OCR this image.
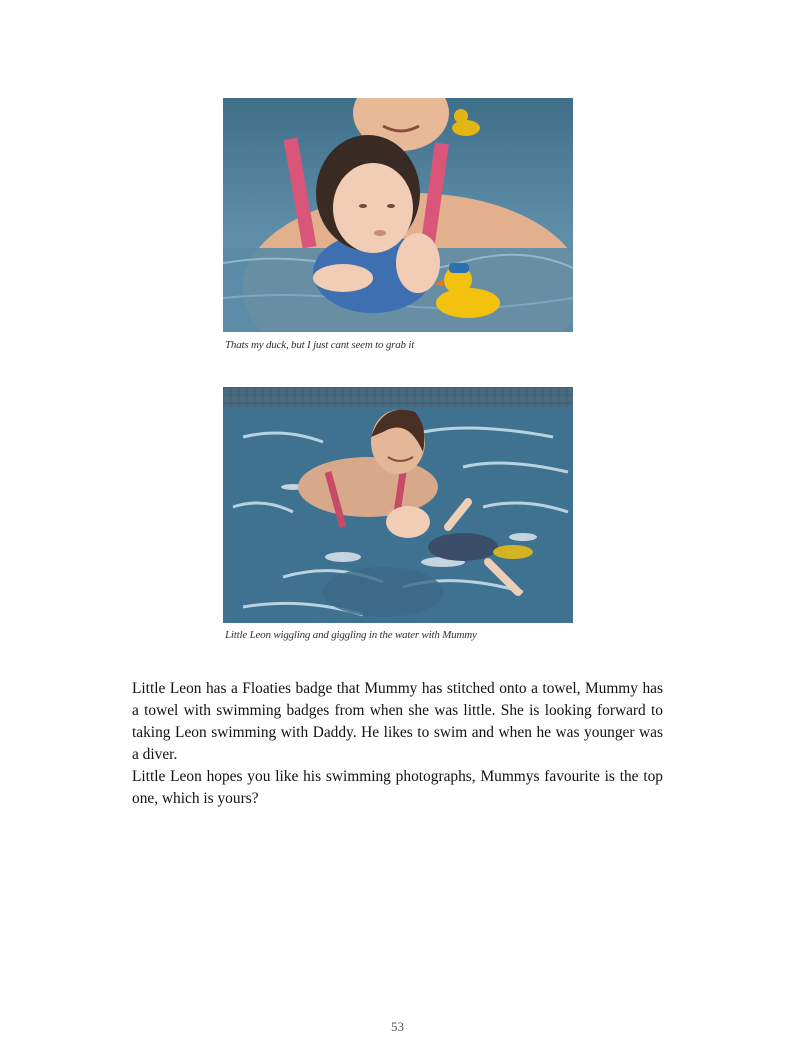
Thats my duck, but I just cant seem to grab it
Little Leon wiggling and giggling in the water with Mummy

Little Leon has a Floaties badge that Mummy has stitched onto a towel, Mummy has a towel with swimming badges from when she was little. She is looking forward to taking Leon swimming with Daddy. He likes to swim and when he was younger was a diver.

Little Leon hopes you like his swimming photographs, Mummys favourite is the top one, which is yours?

53
